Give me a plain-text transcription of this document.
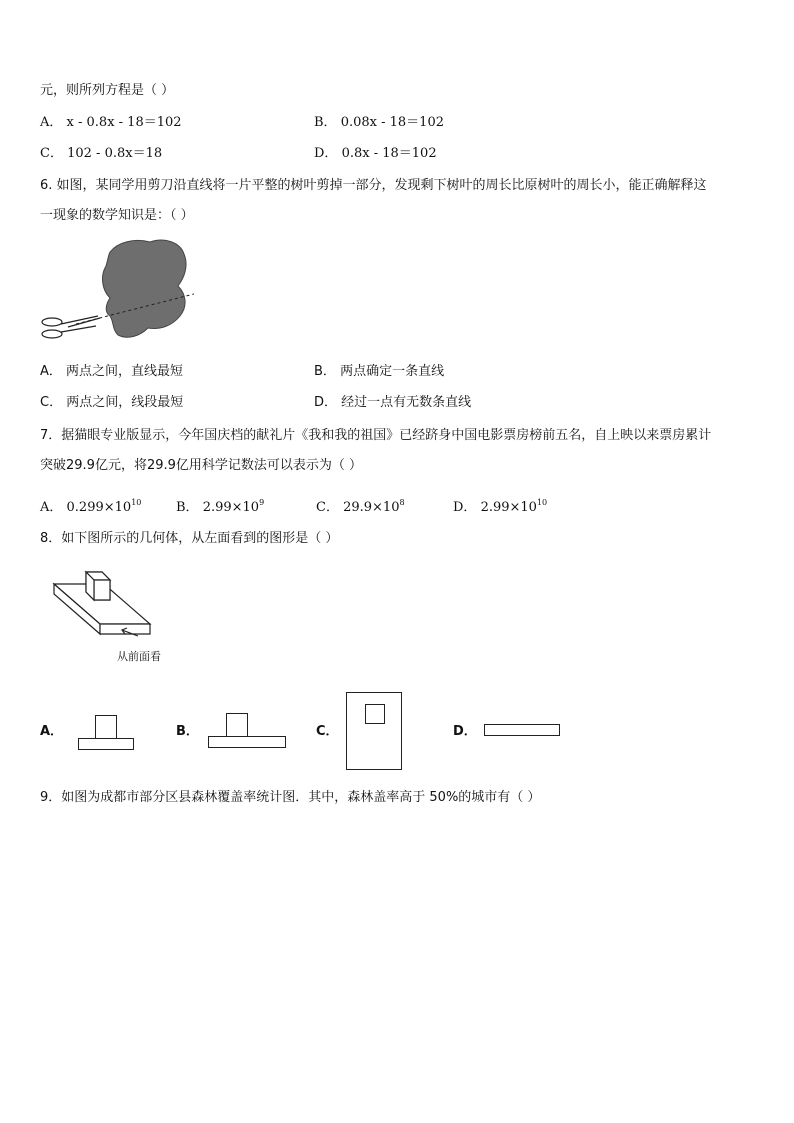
元，则所列方程是（ ）
A． x - 0.8x - 18＝102	B． 0.08x - 18＝102
C． 102 - 0.8x＝18	D． 0.8x - 18＝102
6. 如图，某同学用剪刀沿直线将一片平整的树叶剪掉一部分，发现剩下树叶的周长比原树叶的周长小，能正确解释这
一现象的数学知识是：（ ）
A． 两点之间，直线最短	B． 两点确定一条直线
C． 两点之间，线段最短	D． 经过一点有无数条直线
7．据猫眼专业版显示，今年国庆档的献礼片《我和我的祖国》已经跻身中国电影票房榜前五名，自上映以来票房累计
突破29.9亿元，将29.9亿用科学记数法可以表示为（ ）
A． $0.299\times 10^{10}$	B． $2.99\times 10^9$	C． $29.9\times 10^8$	D． $2.99\times 10^{10}$
8．如下图所示的几何体，从左面看到的图形是（ ）
从前面看
A．	B．	C．	D．
9．如图为成都市部分区县森林覆盖率统计图．其中，森林盖率高于 50%的城市有（ ）
